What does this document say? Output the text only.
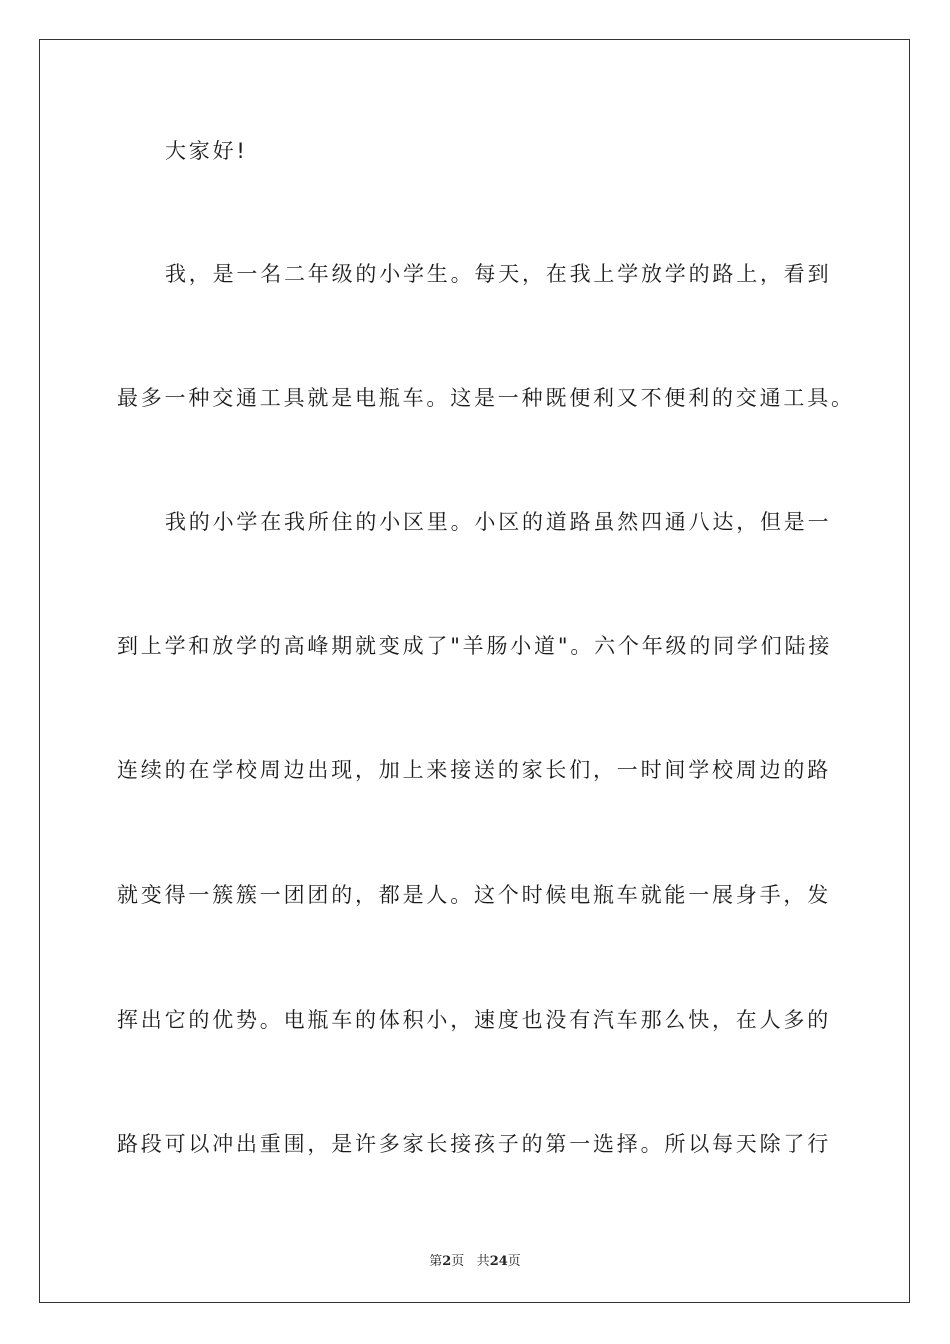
大家好!
我，是一名二年级的小学生。每天，在我上学放学的路上，看到
最多一种交通工具就是电瓶车。这是一种既便利又不便利的交通工具。
我的小学在我所住的小区里。小区的道路虽然四通八达，但是一
到上学和放学的高峰期就变成了"羊肠小道"。六个年级的同学们陆接
连续的在学校周边出现，加上来接送的家长们，一时间学校周边的路
就变得一簇簇一团团的，都是人。这个时候电瓶车就能一展身手，发
挥出它的优势。电瓶车的体积小，速度也没有汽车那么快，在人多的
路段可以冲出重围，是许多家长接孩子的第一选择。所以每天除了行
第2页 共24页
